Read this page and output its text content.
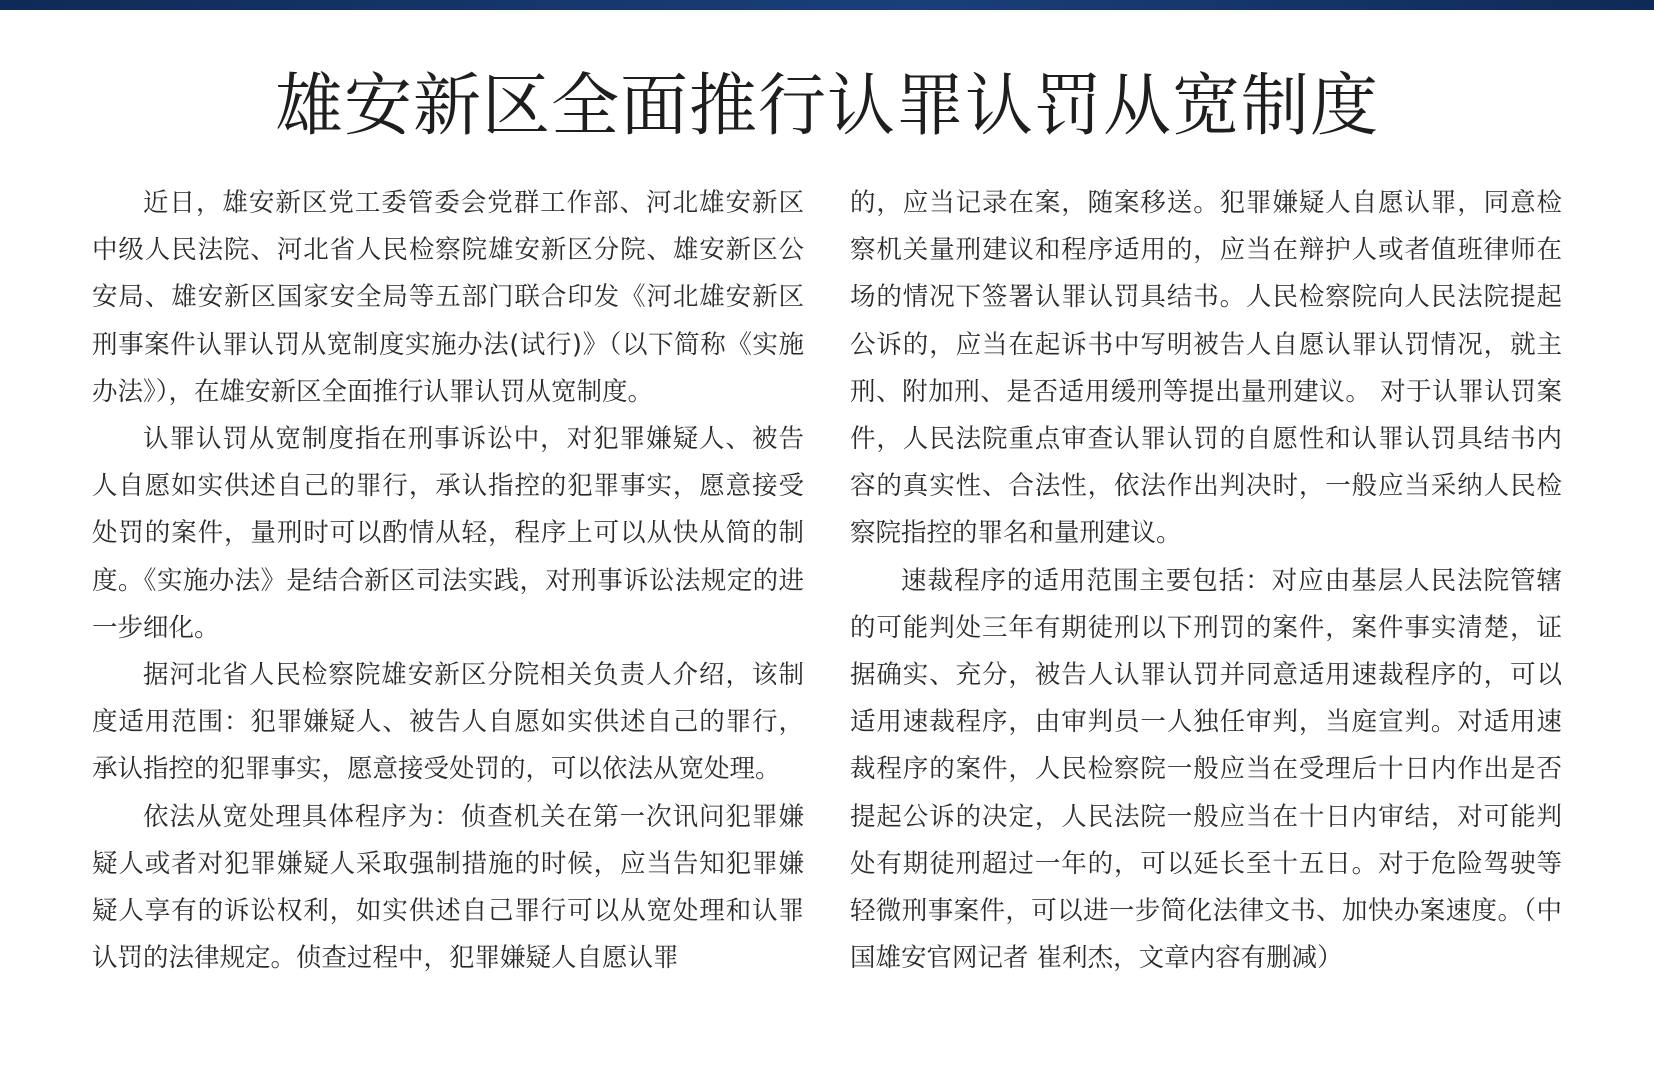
雄安新区全面推行认罪认罚从宽制度

近日，雄安新区党工委管委会党群工作部、河北雄安新区中级人民法院、河北省人民检察院雄安新区分院、雄安新区公安局、雄安新区国家安全局等五部门联合印发《河北雄安新区刑事案件认罪认罚从宽制度实施办法(试行)》（以下简称《实施办法》），在雄安新区全面推行认罪认罚从宽制度。

认罪认罚从宽制度指在刑事诉讼中，对犯罪嫌疑人、被告人自愿如实供述自己的罪行，承认指控的犯罪事实，愿意接受处罚的案件，量刑时可以酌情从轻，程序上可以从快从简的制度。《实施办法》是结合新区司法实践，对刑事诉讼法规定的进一步细化。

据河北省人民检察院雄安新区分院相关负责人介绍，该制度适用范围：犯罪嫌疑人、被告人自愿如实供述自己的罪行，承认指控的犯罪事实，愿意接受处罚的，可以依法从宽处理。

依法从宽处理具体程序为：侦查机关在第一次讯问犯罪嫌疑人或者对犯罪嫌疑人采取强制措施的时候，应当告知犯罪嫌疑人享有的诉讼权利，如实供述自己罪行可以从宽处理和认罪认罚的法律规定。侦查过程中，犯罪嫌疑人自愿认罪

的，应当记录在案，随案移送。犯罪嫌疑人自愿认罪，同意检察机关量刑建议和程序适用的，应当在辩护人或者值班律师在场的情况下签署认罪认罚具结书。人民检察院向人民法院提起公诉的，应当在起诉书中写明被告人自愿认罪认罚情况，就主刑、附加刑、是否适用缓刑等提出量刑建议。 对于认罪认罚案件，人民法院重点审查认罪认罚的自愿性和认罪认罚具结书内容的真实性、合法性，依法作出判决时，一般应当采纳人民检察院指控的罪名和量刑建议。

速裁程序的适用范围主要包括：对应由基层人民法院管辖的可能判处三年有期徒刑以下刑罚的案件，案件事实清楚，证据确实、充分，被告人认罪认罚并同意适用速裁程序的，可以适用速裁程序，由审判员一人独任审判，当庭宣判。对适用速裁程序的案件，人民检察院一般应当在受理后十日内作出是否提起公诉的决定，人民法院一般应当在十日内审结，对可能判处有期徒刑超过一年的，可以延长至十五日。对于危险驾驶等轻微刑事案件，可以进一步简化法律文书、加快办案速度。（中国雄安官网记者 崔利杰，文章内容有删减）
